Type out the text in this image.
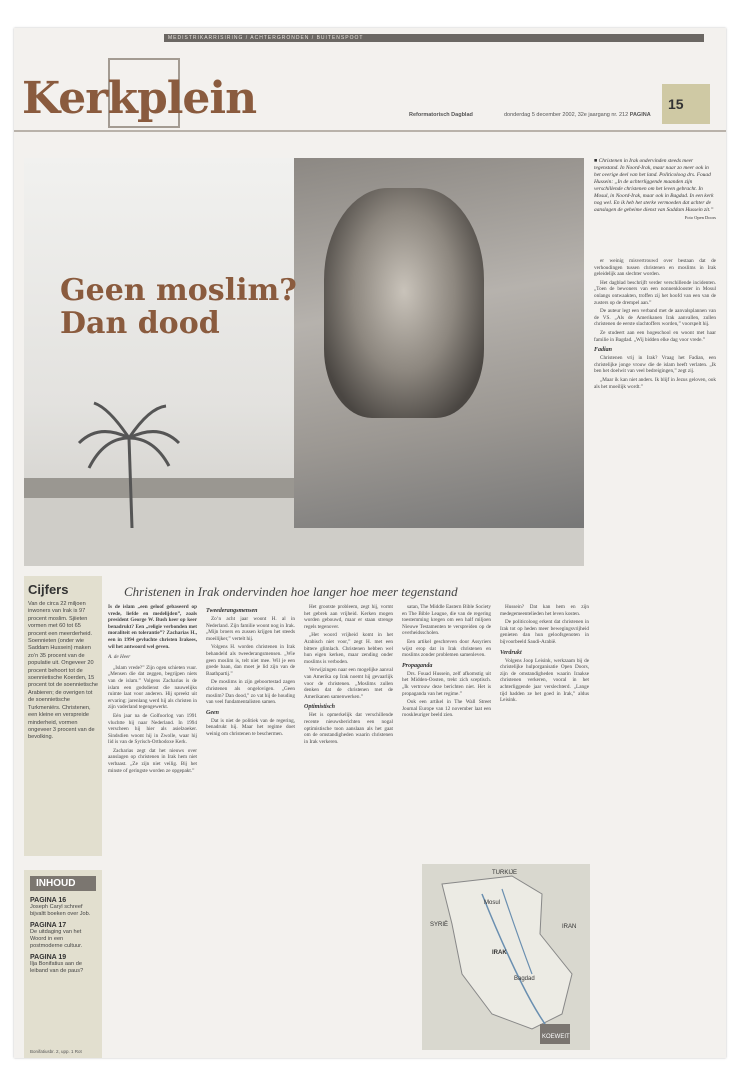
MEDISTRIKARRISIRING / ACHTERGRONDEN / BUITENSPOOT
Kerkplein	Reformatorisch Dagblad	donderdag 5 december 2002, 32e jaargang nr. 212 PAGINA
15
Geen moslim?
Dan dood
■ Christenen in Irak ondervinden steeds meer tegenstand. In Noord-Irak, maar naar zo meer ook in het overige deel van het land. Politicoloog drs. Fouad Hussein: „In de achterliggende maanden zijn verschillende christenen om het leven gebracht. In Mosul, in Noord-Irak, maar ook in Bagdad. In een kerk nog wel. En ik heb het sterke vermoeden dat achter de aanslagen de geheime dienst van Saddam Hussein zit.”
Foto Open Doors

er weinig misvertrouwd over bestaan dat de verhoudingen tussen christenen en moslims in Irak geleidelijk aan slechter worden.

Het dagblad beschrijft verder verschillende incidenten. „Toen de bewoners van een nonnenklooster in Mosul onlangs ontwaakten, troffen zij het hoofd van een van de zusters op de drempel aan.”

De auteur legt een verband met de aanvalsplannen van de VS. „Als de Amerikanen Irak aanvallen, zullen christenen de eerste slachtoffers worden,” voorspelt hij.

Ze studeert aan een hogeschool en woont met haar familie in Bagdad. „Wij bidden elke dag voor vrede.”

Fadian

Christenen vrij in Irak? Vraag het Fadian, een christelijke jonge vrouw die de islam heeft verlaten. „Ik ben het doelwit van veel bedreigingen,” zegt zij.

„Maar ik kan niet anders. Ik blijf in Jezus geloven, ook als het moeilijk wordt.”

Cijfers

Van de circa 22 miljoen inwoners van Irak is 97 procent moslim. Sjiieten vormen met 60 tot 65 procent een meerderheid. Soennieten (onder wie Saddam Hussein) maken zo’n 35 procent van de populatie uit. Ongeveer 20 procent behoort tot de soennietische Koerden, 15 procent tot de soennietische Arabieren; de overigen tot de soennietische Turkmeniërs. Christenen, een kleine en verspreide minderheid, vormen ongeveer 3 procent van de bevolking.

INHOUD
PAGINA 16
Joseph Caryl schreef bijvaltt boeken over Job.
PAGINA 17
De uitdaging van het Woord in een postmoderne cultuur.
PAGINA 19
Ilja Bonifatius aan de leiband van de paus?
Bonifatiusbr. 2, upp. 1 Rot
Christenen in Irak ondervinden hoe langer hoe meer tegenstand

Is de islam „een geloof gebaseerd op vrede, liefde en medelijden”, zoals president George W. Bush keer op keer benadrukt? Een „religie verbonden met moraliteit en tolerantie”? Zacharias H., een in 1994 gevluchte christen Irakees, wil het antwoord wel geven.

A. de Heer

„Islam vrede?” Zijn ogen schieten vuur. „Mensen die dat zeggen, begrijpen niets van de islam.” Volgens Zacharias is de islam een godsdienst die nauwelijks ruimte laat voor anderen. Hij spreekt uit ervaring: jarenlang werd hij als christen in zijn vaderland tegengewerkt.

Eén jaar na de Golfoorlog van 1991 vluchtte hij naar Nederland. In 1994 verscheen hij hier als asielzoeker. Sindsdien woont hij in Zwolle, waar hij lid is van de Syrisch-Orthodoxe Kerk.

Zacharias zegt dat het nieuws over aanslagen op christenen in Irak hem niet verbaast. „Ze zijn niet veilig. Bij het minste of geringste worden ze opgepakt.”

Tweederangsmensen

Zo’n acht jaar woont H. al in Nederland. Zijn familie woont nog in Irak. „Mijn broers en zussen krijgen het steeds moeilijker,” vertelt hij.

Volgens H. worden christenen in Irak behandeld als tweederangsmensen. „Wie geen moslim is, telt niet mee. Wil je een goede baan, dan moet je lid zijn van de Baathpartij.”

De moslims in zijn geboortestad zagen christenen als ongelovigen. „Geen moslim? Dan dood,” zo vat hij de houding van veel fundamentalisten samen.

Geen

Dat is niet de politiek van de regering, benadrukt hij. Maar het regime doet weinig om christenen te beschermen.

Het grootste probleem, zegt hij, vormt het gebrek aan vrijheid. Kerken mogen worden gebouwd, maar er staan strenge regels tegenover.

„Het woord vrijheid komt in het Arabisch niet voor,” zegt H. met een bittere glimlach. Christenen hebben wel hun eigen kerken, maar zending onder moslims is verboden.

Verwijzingen naar een mogelijke aanval van Amerika op Irak noemt hij gevaarlijk voor de christenen. „Moslims zullen denken dat de christenen met de Amerikanen samenwerken.”

Optimistisch

Het is opmerkelijk dat verschillende recente nieuwsberichten een nogal optimistische toon aanslaan als het gaat om de omstandigheden waarin christenen in Irak verkeren.

satan, The Middle Eastern Bible Society en The Bible League, die van de regering toestemming kregen om een half miljoen Nieuwe Testamenten te verspreiden op de overheidsscholen.

Een artikel geschreven door Assyriers wijst erop dat in Irak christenen en moslims zonder problemen samenleven.

Propaganda

Drs. Fouad Hussein, zelf afkomstig uit het Midden-Oosten, trekt zich sceptisch. „Ik vertrouw deze berichten niet. Het is propaganda van het regime.”

Ook een artikel in The Wall Street Journal Europe van 12 november laat een rooskleuriger beeld zien.

Hussein? Dat kan hem en zijn medegemeentelieden het leven kosten.

De politicoloog erkent dat christenen in Irak tot op heden meer bewegingsvrijheid genieten dan hun geloofsgenoten in bijvoorbeeld Saudi-Arabië.

Verdrukt

Volgens Joop Leisink, werkzaam bij de christelijke hulporganisatie Open Doors, zijn de omstandigheden waarin Iraakse christenen verkeren, vooral in het achterliggende jaar verslechterd. „Lange tijd hadden ze het goed in Irak,” aldus Leisink.

TURKIJE
SYRIË
IRAK
Mosul
Bagdad
KOEWEIT
IRAN
